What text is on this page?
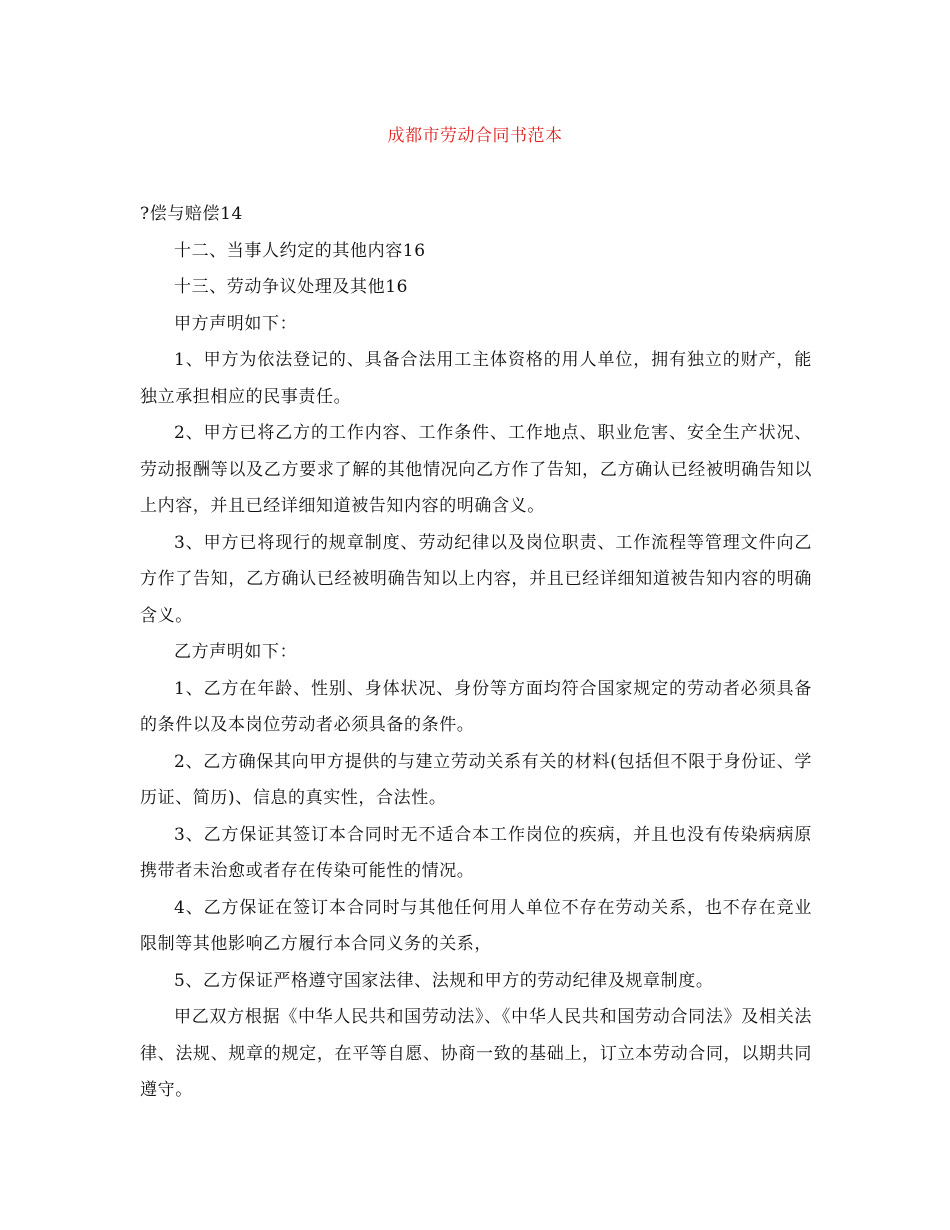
成都市劳动合同书范本

?偿与赔偿14

十二、当事人约定的其他内容16

十三、劳动争议处理及其他16

甲方声明如下：

1、甲方为依法登记的、具备合法用工主体资格的用人单位，拥有独立的财产，能独立承担相应的民事责任。

2、甲方已将乙方的工作内容、工作条件、工作地点、职业危害、安全生产状况、劳动报酬等以及乙方要求了解的其他情况向乙方作了告知，乙方确认已经被明确告知以上内容，并且已经详细知道被告知内容的明确含义。

3、甲方已将现行的规章制度、劳动纪律以及岗位职责、工作流程等管理文件向乙方作了告知，乙方确认已经被明确告知以上内容，并且已经详细知道被告知内容的明确含义。

乙方声明如下：

1、乙方在年龄、性别、身体状况、身份等方面均符合国家规定的劳动者必须具备的条件以及本岗位劳动者必须具备的条件。

2、乙方确保其向甲方提供的与建立劳动关系有关的材料(包括但不限于身份证、学历证、简历)、信息的真实性，合法性。

3、乙方保证其签订本合同时无不适合本工作岗位的疾病，并且也没有传染病病原携带者未治愈或者存在传染可能性的情况。

4、乙方保证在签订本合同时与其他任何用人单位不存在劳动关系，也不存在竞业限制等其他影响乙方履行本合同义务的关系，

5、乙方保证严格遵守国家法律、法规和甲方的劳动纪律及规章制度。

甲乙双方根据《中华人民共和国劳动法》、《中华人民共和国劳动合同法》及相关法律、法规、规章的规定，在平等自愿、协商一致的基础上，订立本劳动合同，以期共同遵守。
